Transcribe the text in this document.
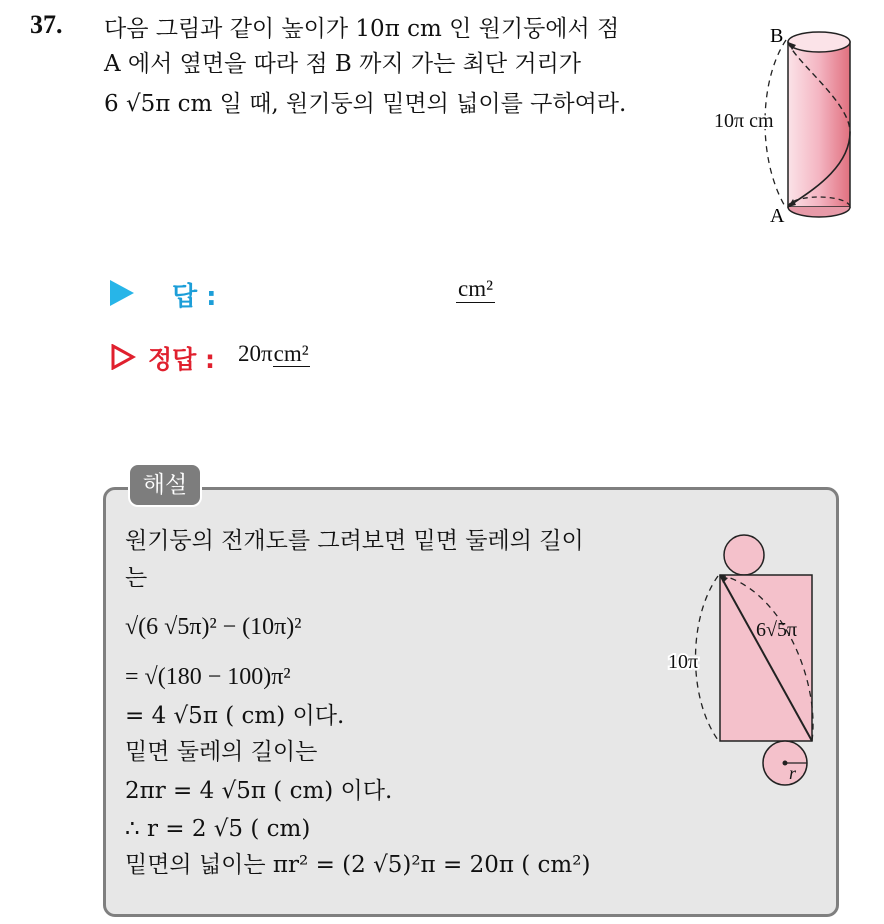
37. 다음 그림과 같이 높이가 10π cm 인 원기둥에서 점
A 에서 옆면을 따라 점 B 까지 가는 최단 거리가
6 √5π cm 일 때, 원기둥의 밑면의 넓이를 구하여라.
B
A
10π cm
답 :	cm²
정답 : 20πcm²
해설
원기둥의 전개도를 그려보면 밑면 둘레의 길이
는
√(6 √5π)² − (10π)²
= √(180 − 100)π²
= 4 √5π ( cm) 이다.
밑면 둘레의 길이는
2πr = 4 √5π ( cm) 이다.
∴ r = 2 √5 ( cm)
밑면의 넓이는 πr² = (2 √5)²π = 20π ( cm²)
10π
6√5π
r
